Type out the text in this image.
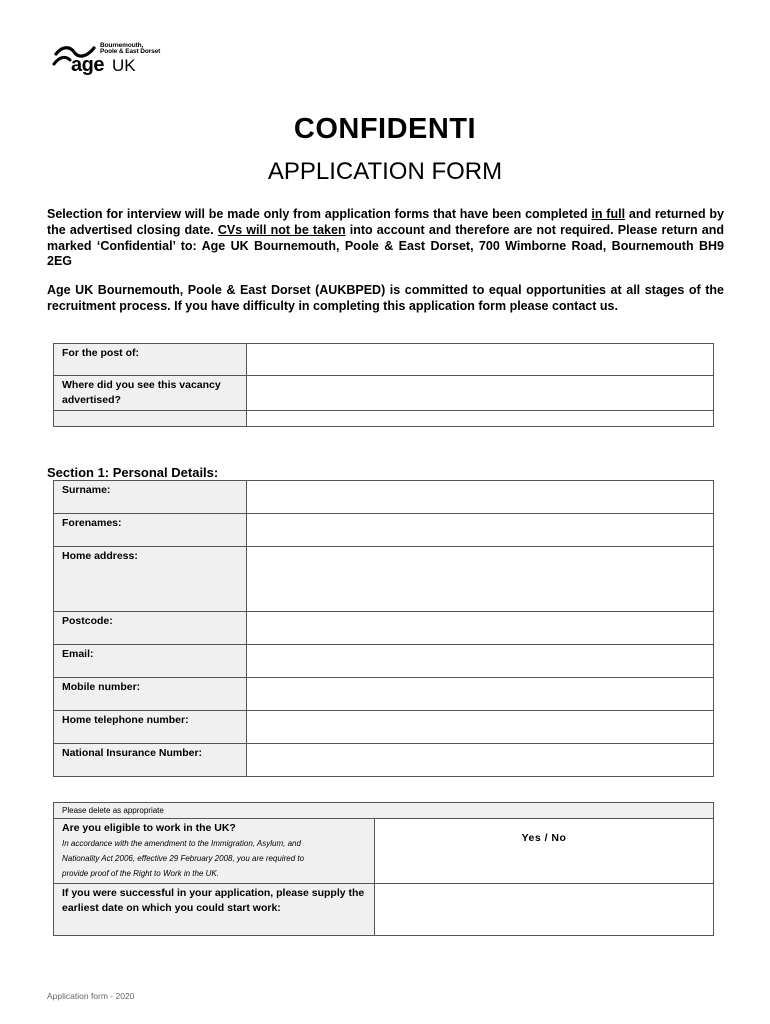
Bournemouth,
Poole & East Dorset
age UK
CONFIDENTI
APPLICATION FORM
Selection for interview will be made only from application forms that have been completed in full and returned by the advertised closing date. CVs will not be taken into account and therefore are not required. Please return and marked ‘Confidential’ to: Age UK Bournemouth, Poole & East Dorset, 700 Wimborne Road, Bournemouth BH9 2EG
Age UK Bournemouth, Poole & East Dorset (AUKBPED) is committed to equal opportunities at all stages of the recruitment process. If you have difficulty in completing this application form please contact us.
For the post of:	
Where did you see this vacancy advertised?	

Section 1: Personal Details:
Surname:	
Forenames:	
Home address:	
Postcode:	
Email:	
Mobile number:	
Home telephone number:	
National Insurance Number:	
Please delete as appropriate	
Are you eligible to work in the UK?
In accordance with the amendment to the Immigration, Asylum, and
Nationality Act 2006, effective 29 February 2008, you are required to
provide proof of the Right to Work in the UK.	Yes / No
If you were successful in your application, please supply the earliest date on which you could start work:	
Application form - 2020
